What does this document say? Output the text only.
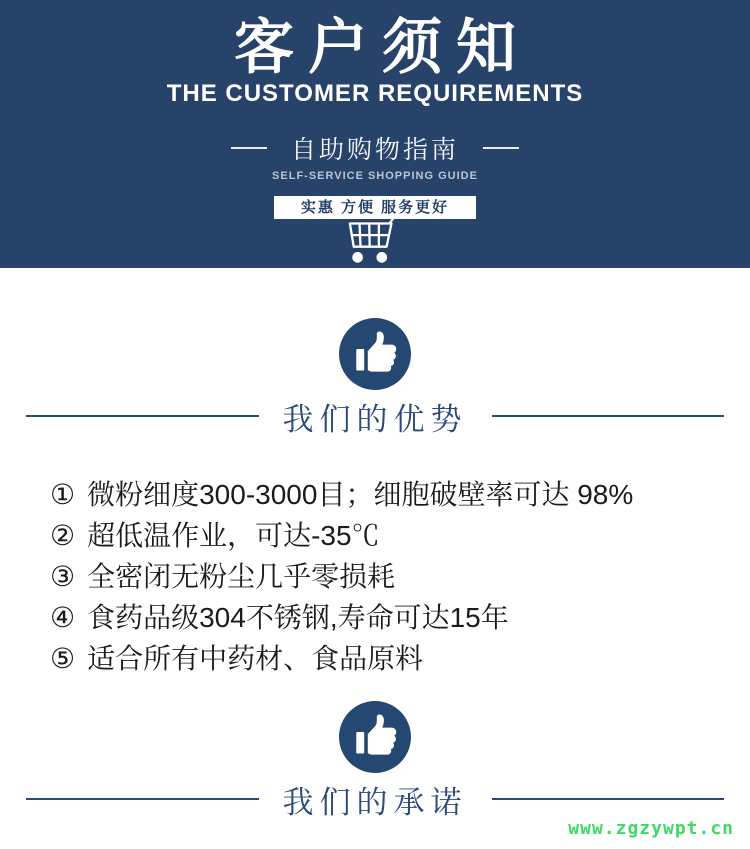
客户须知
THE CUSTOMER REQUIREMENTS
自助购物指南
SELF-SERVICE SHOPPING GUIDE
实惠 方便 服务更好
我们的优势
① 微粉细度300-3000目；细胞破壁率可达 98%
② 超低温作业，可达-35℃
③ 全密闭无粉尘几乎零损耗
④ 食药品级304不锈钢,寿命可达15年
⑤ 适合所有中药材、食品原料
我们的承诺
www.zgzywpt.cn
